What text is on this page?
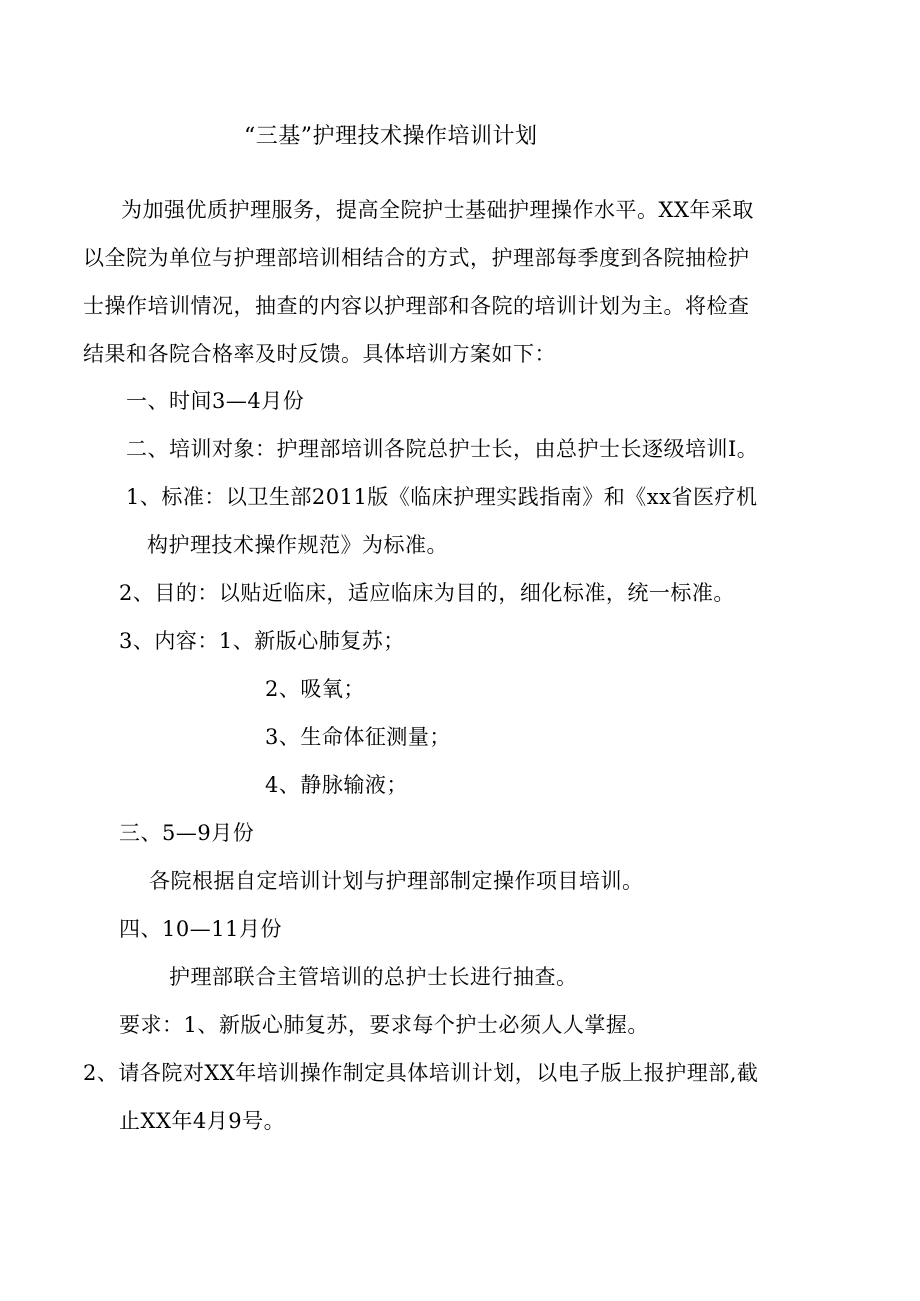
“三基”护理技术操作培训计划
为加强优质护理服务，提高全院护士基础护理操作水平。XX年采取
以全院为单位与护理部培训相结合的方式，护理部每季度到各院抽检护
士操作培训情况，抽查的内容以护理部和各院的培训计划为主。将检查
结果和各院合格率及时反馈。具体培训方案如下：
一、时间3—4月份
二、培训对象：护理部培训各院总护士长，由总护士长逐级培训I。
1、标准：以卫生部2011版《临床护理实践指南》和《xx省医疗机
构护理技术操作规范》为标准。
2、目的：以贴近临床，适应临床为目的，细化标准，统一标准。
3、内容：1、新版心肺复苏；
2、吸氧；
3、生命体征测量；
4、静脉输液；
三、5—9月份
各院根据自定培训计划与护理部制定操作项目培训。
四、10—11月份
护理部联合主管培训的总护士长进行抽查。
要求：1、新版心肺复苏，要求每个护士必须人人掌握。
2、请各院对XX年培训操作制定具体培训计划，以电子版上报护理部,截
止XX年4月9号。
